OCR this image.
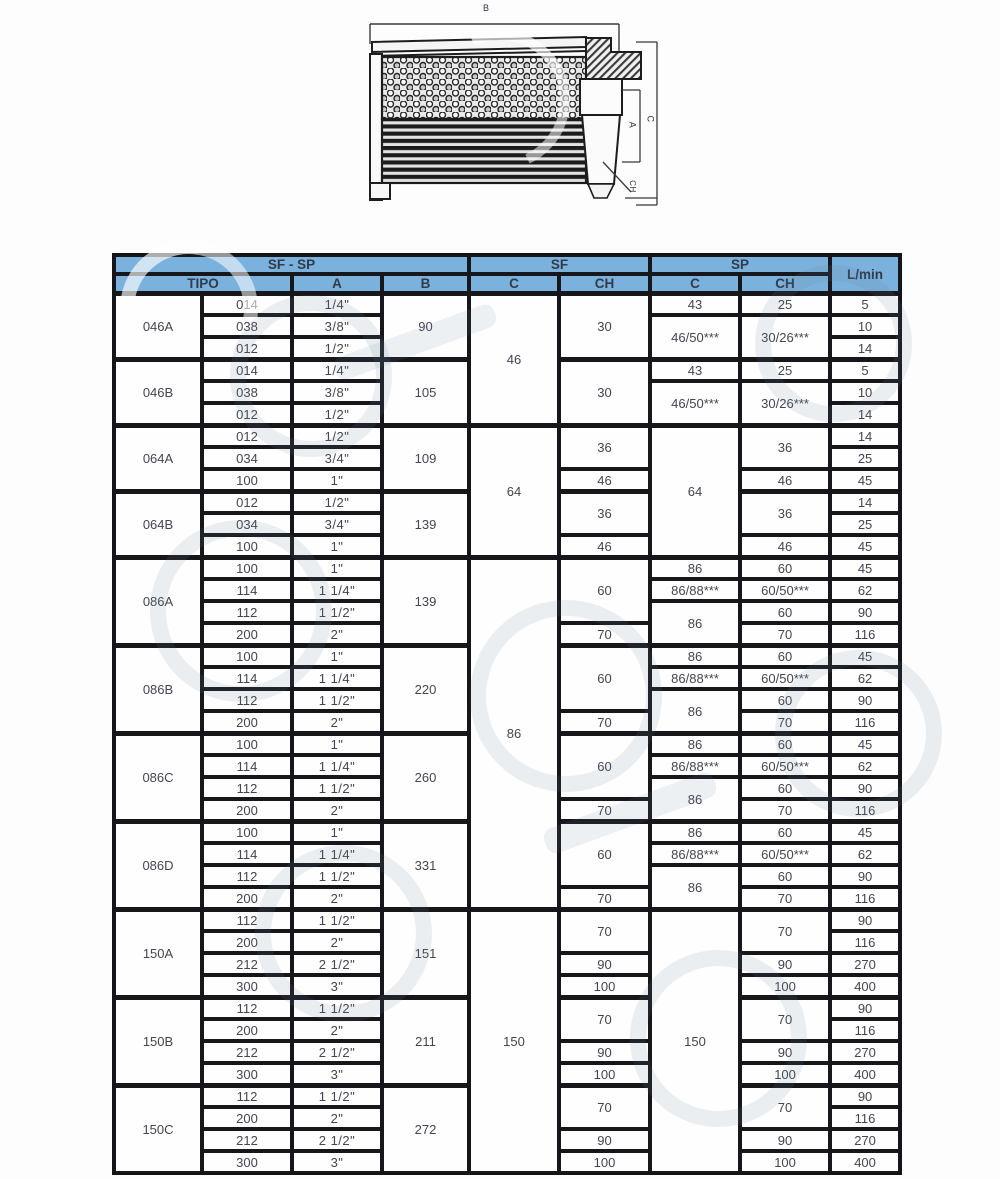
B
C
A
CH
SF - SP				SF		SP		L/min
TIPO		A	B	C	CH	C	CH	
046A	014	1/4"	90	46	30	43	25	5
	038	3/8"				46/50***	30/26***	10
	012	1/2"						14
046B	014	1/4"	105		30	43	25	5
	038	3/8"				46/50***	30/26***	10
	012	1/2"						14
064A	012	1/2"	109	64	36	64	36	14
	034	3/4"						25
	100	1"			46		46	45
064B	012	1/2"	139		36		36	14
	034	3/4"						25
	100	1"			46		46	45
086A	100	1"	139	86	60	86	60	45
	114	1 1/4"				86/88***	60/50***	62
	112	1 1/2"				86	60	90
	200	2"			70		70	116
086B	100	1"	220		60	86	60	45
	114	1 1/4"				86/88***	60/50***	62
	112	1 1/2"				86	60	90
	200	2"			70		70	116
086C	100	1"	260		60	86	60	45
	114	1 1/4"				86/88***	60/50***	62
	112	1 1/2"				86	60	90
	200	2"			70		70	116
086D	100	1"	331		60	86	60	45
	114	1 1/4"				86/88***	60/50***	62
	112	1 1/2"				86	60	90
	200	2"			70		70	116
150A	112	1 1/2"	151	150	70	150	70	90
	200	2"						116
	212	2 1/2"			90		90	270
	300	3"			100		100	400
150B	112	1 1/2"	211		70		70	90
	200	2"						116
	212	2 1/2"			90		90	270
	300	3"			100		100	400
150C	112	1 1/2"	272		70		70	90
	200	2"						116
	212	2 1/2"			90		90	270
	300	3"			100		100	400
